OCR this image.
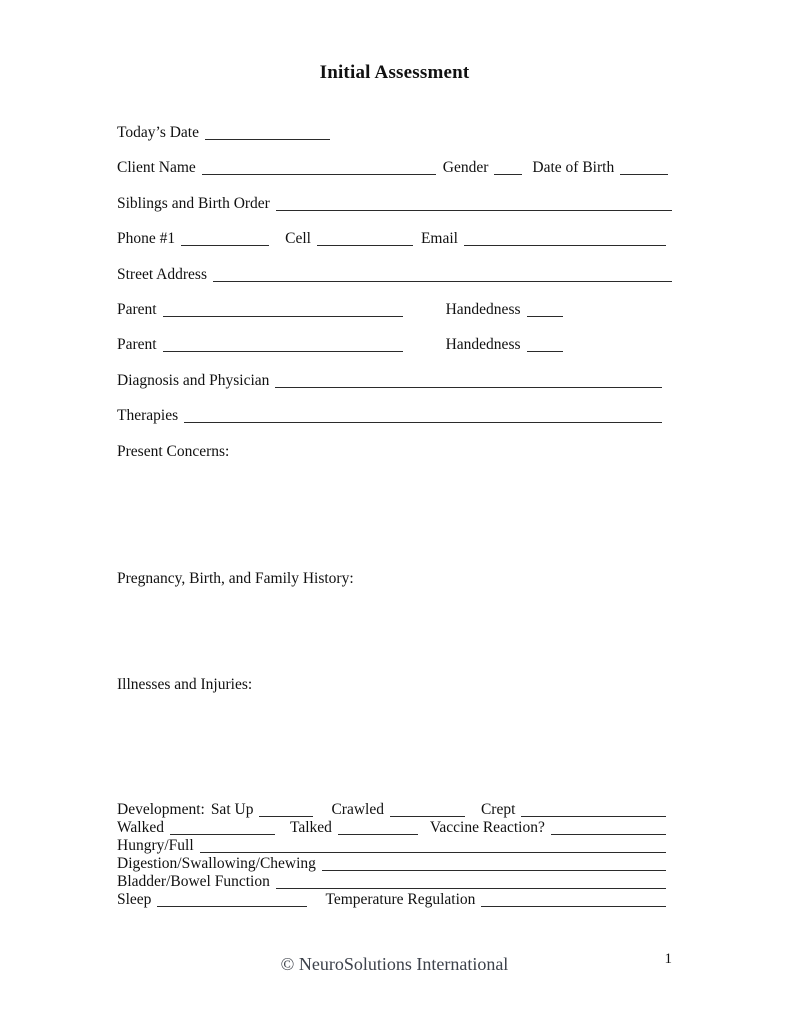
Initial Assessment
Today’s Date
Client Name	Gender	Date of Birth
Siblings and Birth Order
Phone #1	Cell	Email
Street Address
Parent	Handedness
Parent	Handedness
Diagnosis and Physician
Therapies
Present Concerns:
Pregnancy, Birth, and Family History:
Illnesses and Injuries:
Development: Sat Up	Crawled	Crept
Walked	Talked	Vaccine Reaction?
Hungry/Full
Digestion/Swallowing/Chewing
Bladder/Bowel Function
Sleep	Temperature Regulation
© NeuroSolutions International	1
